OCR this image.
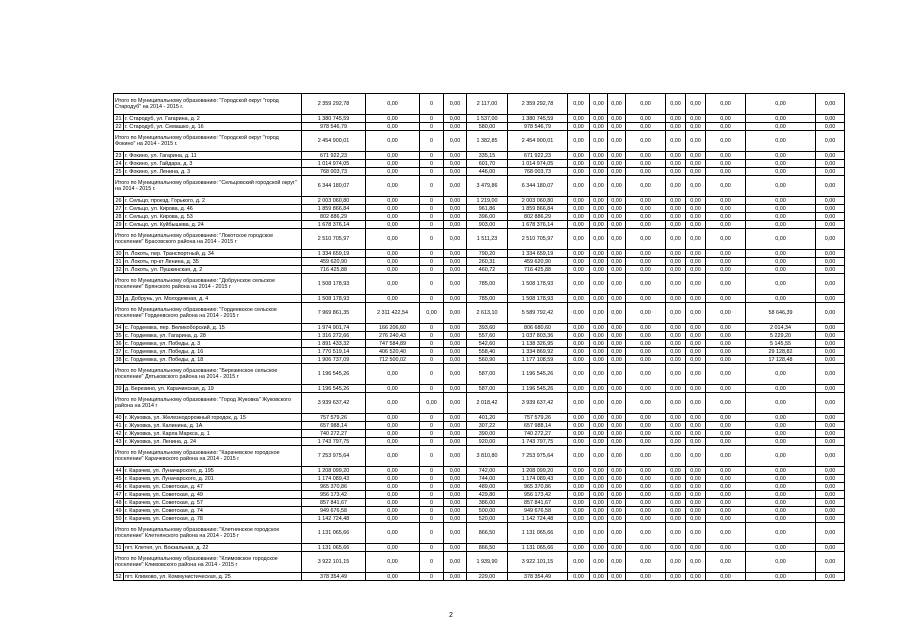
Итого по Муниципальному образованию: "Городской округ "город Стародуб" на 2014 - 2015 г.		2 359 292,78	0,00	0	0,00	2 117,00	2 359 292,78	0,00	0,00	0,00	0,00	0,00	0,00	0,00	0,00	0,00
21	г. Стародуб, ул. Гагарина, д. 2	1 380 745,59	0,00	0	0,00	1 537,00	1 380 745,59	0,00	0,00	0,00	0,00	0,00	0,00	0,00	0,00	0,00
22	г. Стародуб, ул. Семашко, д. 16	978 546,79	0,00	0	0,00	580,00	978 546,79	0,00	0,00	0,00	0,00	0,00	0,00	0,00	0,00	0,00
Итого по Муниципальному образованию: "Городской округ "город Фокино" на 2014 - 2015 г.		2 454 900,01	0,00	0	0,00	1 382,85	2 454 900,01	0,00	0,00	0,00	0,00	0,00	0,00	0,00	0,00	0,00
23	г. Фокино, ул. Гагарина, д. 11	671 922,23	0,00	0	0,00	335,15	671 922,23	0,00	0,00	0,00	0,00	0,00	0,00	0,00	0,00	0,00
24	г. Фокино, ул. Гайдара, д. 3	1 014 974,05	0,00	0	0,00	601,70	1 014 974,05	0,00	0,00	0,00	0,00	0,00	0,00	0,00	0,00	0,00
25	г. Фокино, ул. Ленина, д. 3	768 003,73	0,00	0	0,00	446,00	768 003,73	0,00	0,00	0,00	0,00	0,00	0,00	0,00	0,00	0,00
Итого по Муниципальному образованию: "Сельцовский городской округ" на 2014 - 2015 г.		6 344 180,07	0,00	0	0,00	3 479,86	6 344 180,07	0,00	0,00	0,00	0,00	0,00	0,00	0,00	0,00	0,00
26	г. Сельцо, проезд. Горького, д. 2	2 003 060,80	0,00	0	0,00	1 219,00	2 003 060,80	0,00	0,00	0,00	0,00	0,00	0,00	0,00	0,00	0,00
27	г. Сельцо, ул. Кирова, д. 46	1 859 866,84	0,00	0	0,00	961,86	1 859 866,84	0,00	0,00	0,00	0,00	0,00	0,00	0,00	0,00	0,00
28	г. Сельцо, ул. Кирова, д. 53	802 886,29	0,00	0	0,00	396,00	802 886,29	0,00	0,00	0,00	0,00	0,00	0,00	0,00	0,00	0,00
29	г. Сельцо, ул. Куйбышева, д. 24	1 678 376,14	0,00	0	0,00	903,00	1 678 376,14	0,00	0,00	0,00	0,00	0,00	0,00	0,00	0,00	0,00
Итого по Муниципальному образованию: "Локотское городское поселение" Брасовского района на 2014 - 2015 г		2 510 705,97	0,00	0	0,00	1 511,23	2 510 705,97	0,00	0,00	0,00	0,00	0,00	0,00	0,00	0,00	0,00
30	п. Локоть, пер. Транспортный, д. 34	1 334 659,19	0,00	0	0,00	790,20	1 334 659,19	0,00	0,00	0,00	0,00	0,00	0,00	0,00	0,00	0,00
31	п. Локоть, пр-кт Ленина, д. 35	459 620,90	0,00	0	0,00	260,31	459 620,90	0,00	0,00	0,00	0,00	0,00	0,00	0,00	0,00	0,00
32	п. Локоть, ул. Пушкинская, д. 2	716 425,88	0,00	0	0,00	460,72	716 425,88	0,00	0,00	0,00	0,00	0,00	0,00	0,00	0,00	0,00
Итого по Муниципальному образованию: "Добрунское сельское поселение" Брянского района на 2014 - 2015 г		1 508 178,93	0,00	0	0,00	785,00	1 508 178,93	0,00	0,00	0,00	0,00	0,00	0,00	0,00	0,00	0,00
33	д. Добрунь, ул. Молодежная, д. 4	1 508 178,93	0,00	0	0,00	785,00	1 508 178,93	0,00	0,00	0,00	0,00	0,00	0,00	0,00	0,00	0,00
Итого по Муниципальному образованию: "Гордеевское сельское поселение" Гордеевского района на 2014 - 2015 г		7 969 861,35	2 311 422,54	0,00	0,00	2 613,10	5 589 792,42	0,00	0,00	0,00	0,00	0,00	0,00	0,00	58 646,39	0,00
34	с. Гордеевка, пер. Великоборский, д. 15	1 974 901,74	166 206,60	0	0,00	393,60	806 680,60	0,00	0,00	0,00	0,00	0,00	0,00	0,00	2 014,34	0,00
35	с. Гордеевка, ул. Гагарина, д. 28	1 316 272,66	276 240,43	0	0,00	557,60	1 037 803,36	0,00	0,00	0,00	0,00	0,00	0,00	0,00	5 229,20	0,00
36	с. Гордеевка, ул. Победы, д. 3	1 891 433,32	747 584,89	0	0,00	542,60	1 138 326,95	0,00	0,00	0,00	0,00	0,00	0,00	0,00	5 145,55	0,00
37	с. Гордеевка, ул. Победы, д. 16	1 770 519,14	406 520,40	0	0,00	558,40	1 334 869,92	0,00	0,00	0,00	0,00	0,00	0,00	0,00	29 128,82	0,00
38	с. Гордеевка, ул. Победы, д. 18	1 906 737,09	712 500,02	0	0,00	560,90	1 177 108,59	0,00	0,00	0,00	0,00	0,00	0,00	0,00	17 128,48	0,00
Итого по Муниципальному образованию: "Березинское сельское поселение" Дятьковского района на 2014 - 2015 г		1 196 545,26	0,00	0	0,00	587,00	1 196 545,26	0,00	0,00	0,00	0,00	0,00	0,00	0,00	0,00	0,00
39	д. Березино, ул. Карачинская, д. 19	1 196 545,26	0,00	0	0,00	587,00	1 196 545,26	0,00	0,00	0,00	0,00	0,00	0,00	0,00	0,00	0,00
Итого по Муниципальному образованию: "Город Жуковка" Жуковского района на 2014 г		3 939 637,42	0,00	0,00	0,00	2 018,42	3 939 637,42	0,00	0,00	0,00	0,00	0,00	0,00	0,00	0,00	0,00
40	г. Жуковка, ул. Железнодорожный городок, д. 15	757 579,26	0,00	0	0,00	401,20	757 579,26	0,00	0,00	0,00	0,00	0,00	0,00	0,00	0,00	0,00
41	г. Жуковка, ул. Калинина, д. 1А	657 988,14	0,00	0	0,00	307,22	657 988,14	0,00	0,00	0,00	0,00	0,00	0,00	0,00	0,00	0,00
42	г. Жуковка, ул. Карла Маркса, д. 1	740 272,27	0,00	0	0,00	390,00	740 272,27	0,00	0,00	0,00	0,00	0,00	0,00	0,00	0,00	0,00
43	г. Жуковка, ул. Ленина, д. 24	1 743 797,75	0,00	0	0,00	920,00	1 743 797,75	0,00	0,00	0,00	0,00	0,00	0,00	0,00	0,00	0,00
Итого по Муниципальному образованию: "Карачевское городское поселение" Карачевского района на 2014 - 2015 г		7 253 975,64	0,00	0	0,00	3 810,80	7 253 975,64	0,00	0,00	0,00	0,00	0,00	0,00	0,00	0,00	0,00
44	г. Карачев, ул. Луначарского, д. 195	1 208 099,20	0,00	0	0,00	742,00	1 208 099,20	0,00	0,00	0,00	0,00	0,00	0,00	0,00	0,00	0,00
45	г. Карачев, ул. Луначарского, д. 201	1 174 089,43	0,00	0	0,00	744,00	1 174 089,43	0,00	0,00	0,00	0,00	0,00	0,00	0,00	0,00	0,00
46	г. Карачев, ул. Советская, д. 47	965 370,86	0,00	0	0,00	489,00	965 370,86	0,00	0,00	0,00	0,00	0,00	0,00	0,00	0,00	0,00
47	г. Карачев, ул. Советская, д. 49	956 173,42	0,00	0	0,00	429,80	956 173,42	0,00	0,00	0,00	0,00	0,00	0,00	0,00	0,00	0,00
48	г. Карачев, ул. Советская, д. 57	857 841,67	0,00	0	0,00	386,00	857 841,67	0,00	0,00	0,00	0,00	0,00	0,00	0,00	0,00	0,00
49	г. Карачев, ул. Советская, д. 74	949 676,58	0,00	0	0,00	500,00	949 676,58	0,00	0,00	0,00	0,00	0,00	0,00	0,00	0,00	0,00
50	г. Карачев, ул. Советская, д. 78	1 142 724,48	0,00	0	0,00	520,00	1 142 724,48	0,00	0,00	0,00	0,00	0,00	0,00	0,00	0,00	0,00
Итого по Муниципальному образованию: "Клетнянское городское поселение" Клетнянского района на 2014 - 2015 г		1 131 065,66	0,00	0	0,00	866,50	1 131 065,66	0,00	0,00	0,00	0,00	0,00	0,00	0,00	0,00	0,00
51	пгт. Клетня, ул. Вокзальная, д. 22	1 131 065,66	0,00	0	0,00	866,50	1 131 065,66	0,00	0,00	0,00	0,00	0,00	0,00	0,00	0,00	0,00
Итого по Муниципальному образованию: "Климовское городское поселение" Климовского района на 2014 - 2015 г		3 922 101,15	0,00	0	0,00	1 939,90	3 922 101,15	0,00	0,00	0,00	0,00	0,00	0,00	0,00	0,00	0,00
52	пгт. Климово, ул. Коммунистическая, д. 25	378 354,49	0,00	0	0,00	229,00	378 354,49	0,00	0,00	0,00	0,00	0,00	0,00	0,00	0,00	0,00
2
